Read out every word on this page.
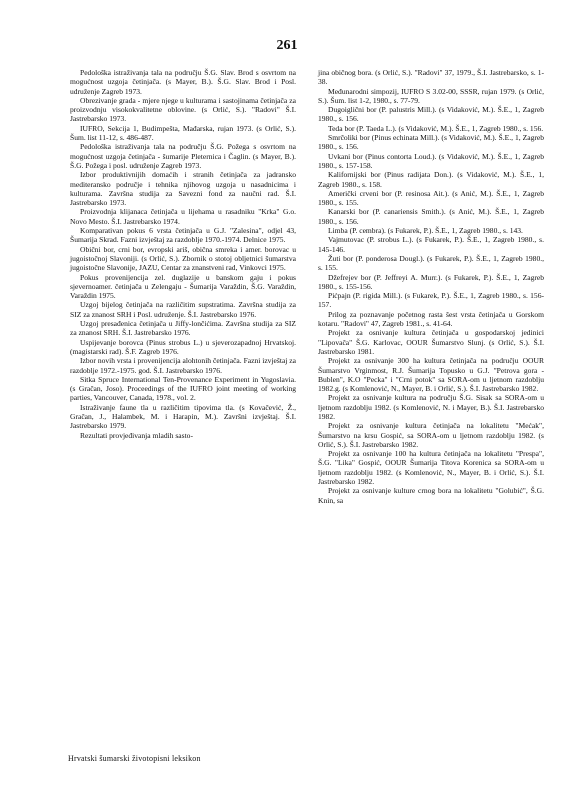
261

Pedološka istraživanja tala na području Š.G. Slav. Brod s osvrtom na mogućnost uzgoja četinjača. (s Mayer, B.). Š.G. Slav. Brod i Posl. udruženje Zagreb 1973.

Obrezivanje grada - mjere njege u kulturama i sastojinama četinjača za proizvodnju visokokvalitetne oblovine. (s Orlić, S.). "Radovi" Š.I. Jastrebarsko 1973.

IUFRO, Sekcija 1, Budimpešta, Mađarska, rujan 1973. (s Orlić, S.). Šum. list 11-12, s. 486-487.

Pedološka istraživanja tala na području Š.G. Požega s osvrtom na mogućnost uzgoja četinjača - šumarije Pleternica i Čaglin. (s Mayer, B.). Š.G. Požega i posl. udruženje Zagreb 1973.

Izbor produktivnijih domaćih i stranih četinjača za jadransko mediteransko područje i tehnika njihovog uzgoja u nasadnicima i kulturama. Završna studija za Savezni fond za naučni rad. Š.I. Jastrebarsko 1973.

Proizvodnja klijanaca četinjača u lijehama u rasadniku "Krka" G.o. Novo Mesto. Š.I. Jastrebarsko 1974.

Komparativan pokus 6 vrsta četinjača u G.J. "Zalesina", odjel 43, Šumarija Skrad. Fazni izvještaj za razdoblje 1970.-1974. Delnice 1975.

Obični bor, crni bor, evropski ariš, obična smreka i amer. borovac u jugoistočnoj Slavoniji. (s Orlić, S.). Zbornik o stotoj obljetnici šumarstva jugoistočne Slavonije, JAZU, Centar za znanstveni rad, Vinkovci 1975.

Pokus provenijencija zel. duglazije u banskom gaju i pokus sjevernoamer. četinjača u Zelengaju - Šumarija Varaždin, Š.G. Varaždin, Varaždin 1975.

Uzgoj bijelog četinjača na različitim supstratima. Završna studija za SIZ za znanost SRH i Posl. udruženje. Š.I. Jastrebarsko 1976.

Uzgoj presađenica četinjača u Jiffy-lončićima. Završna studija za SIZ za znanost SRH. Š.I. Jastrebarsko 1976.

Uspijevanje borovca (Pinus strobus L.) u sjeverozapadnoj Hrvatskoj. (magistarski rad). Š.F. Zagreb 1976.

Izbor novih vrsta i provenijencija alohtonih četinjača. Fazni izvještaj za razdoblje 1972.-1975. god. Š.I. Jastrebarsko 1976.

Sitka Spruce International Ten-Provenance Experiment in Yugoslavia. (s Gračan, Joso). Proceedings of the IUFRO joint meeting of working parties, Vancouver, Canada, 1978., vol. 2.

Istraživanje faune tla u različitim tipovima tla. (s Kovačević, Ž., Gračan, J., Halambek, M. i Harapin, M.). Završni izvještaj. Š.I. Jastrebarsko 1979.

Rezultati provjeđivanja mladih sasto-

jina običnog bora. (s Orlić, S.). "Radovi" 37, 1979., Š.I. Jastrebarsko, s. 1-38.

Međunarodni simpozij, IUFRO S 3.02-00, SSSR, rujan 1979. (s Orlić, S.). Šum. list 1-2, 1980., s. 77-79.

Dugoiglični bor (P. palustris Mill.). (s Vidaković, M.). Š.E., 1, Zagreb 1980., s. 156.

Teda bor (P. Taeda L.). (s Vidaković, M.). Š.E., 1, Zagreb 1980., s. 156.

Smrčoliki bor (Pinus echinata Mill.). (s Vidaković, M.). Š.E., 1, Zagreb 1980., s. 156.

Uvkani bor (Pinus contorta Loud.). (s Vidaković, M.). Š.E., 1, Zagreb 1980., s. 157-158.

Kalifornijski bor (Pinus radijata Don.). (s Vidaković, M.). Š.E., 1, Zagreb 1980., s. 158.

Američki crveni bor (P. resinosa Ait.). (s Anić, M.). Š.E., 1, Zagreb 1980., s. 155.

Kanarski bor (P. canariensis Smith.). (s Anić, M.). Š.E., 1, Zagreb 1980., s. 156.

Limba (P. cembra). (s Fukarek, P.). Š.E., 1, Zagreb 1980., s. 143.

Vajmutovac (P. strobus L.). (s Fukarek, P.). Š.E., 1, Zagreb 1980., s. 145-146.

Žuti bor (P. ponderosa Dougl.). (s Fukarek, P.). Š.E., 1, Zagreb 1980., s. 155.

Džefrejev bor (P. Jeffreyi A. Murr.). (s Fukarek, P.). Š.E., 1, Zagreb 1980., s. 155-156.

Pićpajn (P. rigida Mill.). (s Fukarek, P.). Š.E., 1, Zagreb 1980., s. 156-157.

Prilog za poznavanje početnog rasta šest vrsta četinjača u Gorskom kotaru. "Radovi" 47, Zagreb 1981., s. 41-64.

Projekt za osnivanje kultura četinjača u gospodarskoj jedinici "Lipovača" Š.G. Karlovac, OOUR Šumarstvo Slunj. (s Orlić, S.). Š.I. Jastrebarsko 1981.

Projekt za osnivanje 300 ha kultura četinjača na području OOUR Šumarstvo Vrginmost, R.J. Šumarija Topusko u G.J. "Petrova gora - Bublen", K.O "Pecka" i "Crni potok" sa SORA-om u ljetnom razdoblju 1982.g. (s Komlenović, N., Mayer, B. i Orlić, S.). Š.I. Jastrebarsko 1982.

Projekt za osnivanje kultura na području Š.G. Sisak sa SORA-om u ljetnom razdoblju 1982. (s Komlenović, N. i Mayer, B.). Š.I. Jastrebarsko 1982.

Projekt za osnivanje kultura četinjača na lokalitetu "Mećak", Šumarstvo na krsu Gospić, sa SORA-om u ljetnom razdoblju 1982. (s Orlić, S.). Š.I. Jastrebarsko 1982.

Projekt za osnivanje 100 ha kultura četinjača na lokalitetu "Prespa", Š.G. "Lika" Gospić, OOUR Šumarija Titova Korenica sa SORA-om u ljetnom razdoblju 1982. (s Komlenović, N., Mayer, B. i Orlić, S.). Š.I. Jastrebarsko 1982.

Projekt za osnivanje kulture crnog bora na lokalitetu "Golubić", Š.G. Knin, sa

Hrvatski šumarski životopisni leksikon
